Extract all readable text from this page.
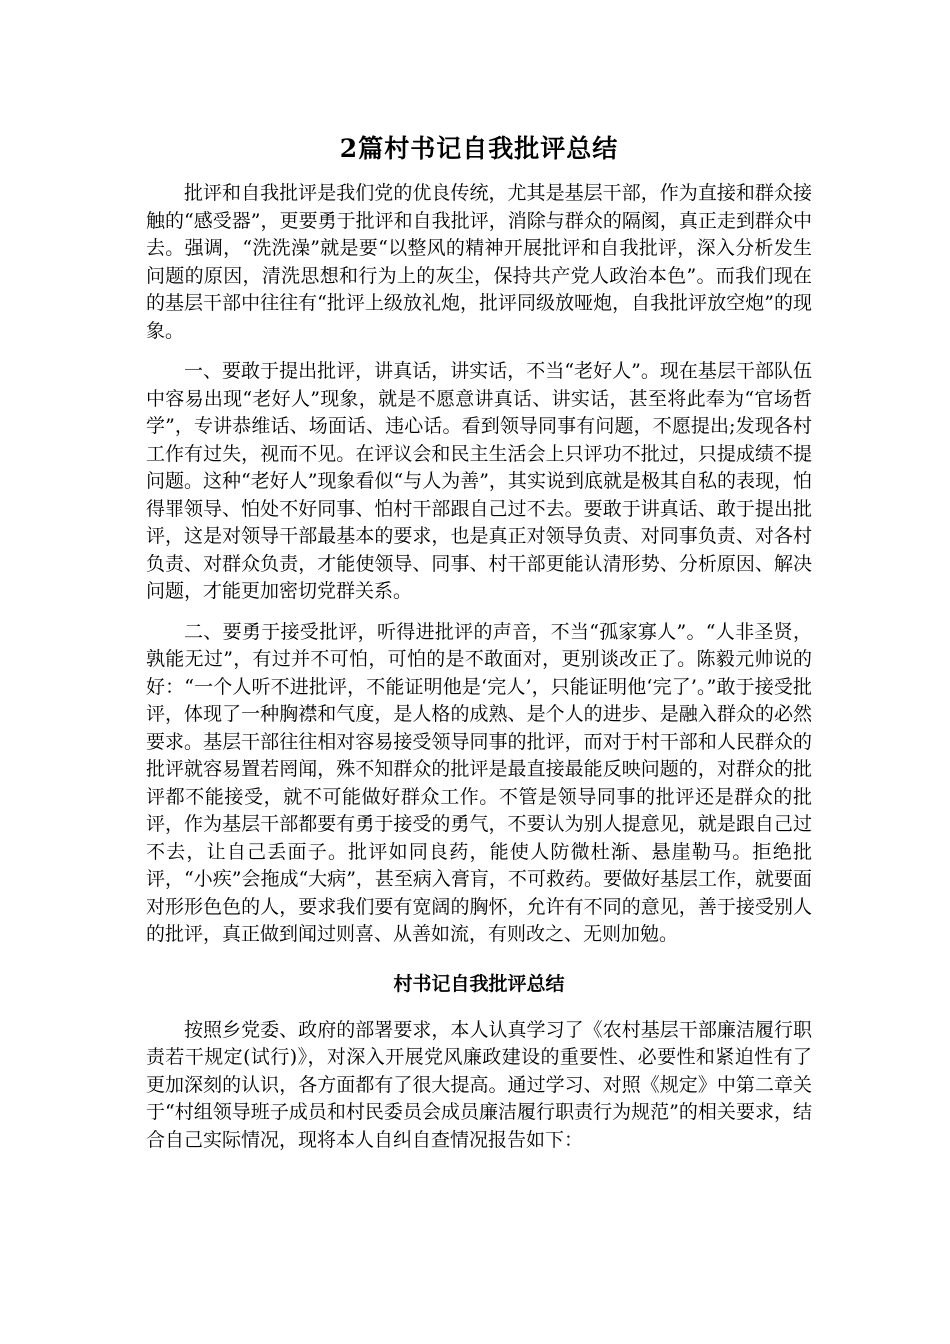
2篇村书记自我批评总结

批评和自我批评是我们党的优良传统，尤其是基层干部，作为直接和群众接触的“感受器”，更要勇于批评和自我批评，消除与群众的隔阂，真正走到群众中去。强调，“洗洗澡”就是要“以整风的精神开展批评和自我批评，深入分析发生问题的原因，清洗思想和行为上的灰尘，保持共产党人政治本色”。而我们现在的基层干部中往往有“批评上级放礼炮，批评同级放哑炮，自我批评放空炮”的现象。

一、要敢于提出批评，讲真话，讲实话，不当“老好人”。现在基层干部队伍中容易出现“老好人”现象，就是不愿意讲真话、讲实话，甚至将此奉为“官场哲学”，专讲恭维话、场面话、违心话。看到领导同事有问题，不愿提出;发现各村工作有过失，视而不见。在评议会和民主生活会上只评功不批过，只提成绩不提问题。这种“老好人”现象看似“与人为善”，其实说到底就是极其自私的表现，怕得罪领导、怕处不好同事、怕村干部跟自己过不去。要敢于讲真话、敢于提出批评，这是对领导干部最基本的要求，也是真正对领导负责、对同事负责、对各村负责、对群众负责，才能使领导、同事、村干部更能认清形势、分析原因、解决问题，才能更加密切党群关系。

二、要勇于接受批评，听得进批评的声音，不当“孤家寡人”。“人非圣贤，孰能无过”，有过并不可怕，可怕的是不敢面对，更别谈改正了。陈毅元帅说的好：“一个人听不进批评，不能证明他是‘完人’，只能证明他‘完了’。”敢于接受批评，体现了一种胸襟和气度，是人格的成熟、是个人的进步、是融入群众的必然要求。基层干部往往相对容易接受领导同事的批评，而对于村干部和人民群众的批评就容易置若罔闻，殊不知群众的批评是最直接最能反映问题的，对群众的批评都不能接受，就不可能做好群众工作。不管是领导同事的批评还是群众的批评，作为基层干部都要有勇于接受的勇气，不要认为别人提意见，就是跟自己过不去，让自己丢面子。批评如同良药，能使人防微杜渐、悬崖勒马。拒绝批评，“小疾”会拖成“大病”，甚至病入膏肓，不可救药。要做好基层工作，就要面对形形色色的人，要求我们要有宽阔的胸怀，允许有不同的意见，善于接受别人的批评，真正做到闻过则喜、从善如流，有则改之、无则加勉。

村书记自我批评总结

按照乡党委、政府的部署要求，本人认真学习了《农村基层干部廉洁履行职责若干规定(试行)》，对深入开展党风廉政建设的重要性、必要性和紧迫性有了更加深刻的认识，各方面都有了很大提高。通过学习、对照《规定》中第二章关于“村组领导班子成员和村民委员会成员廉洁履行职责行为规范”的相关要求，结合自己实际情况，现将本人自纠自查情况报告如下：
